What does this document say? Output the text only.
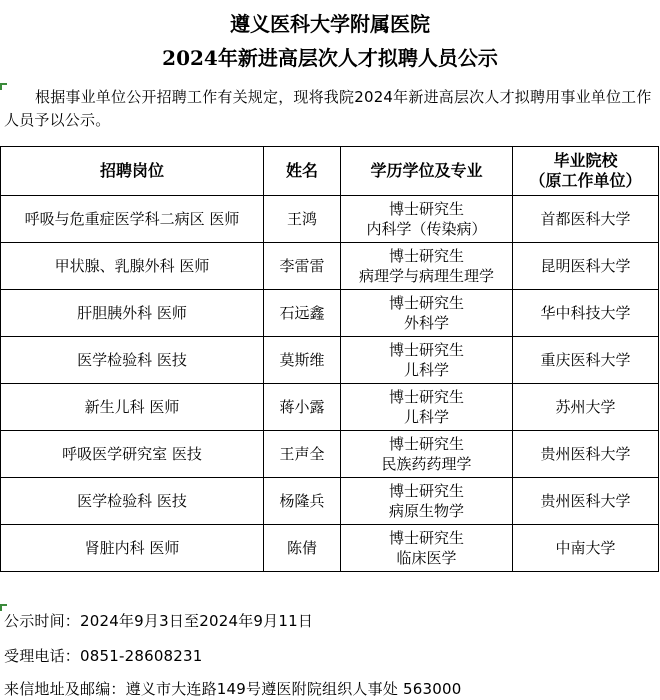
遵义医科大学附属医院
2024年新进高层次人才拟聘人员公示
根据事业单位公开招聘工作有关规定，现将我院2024年新进高层次人才拟聘用事业单位工作人员予以公示。
招聘岗位	姓名	学历学位及专业	毕业院校
（原工作单位）

呼吸与危重症医学科二病区 医师	王鸿	博士研究生
内科学（传染病）	首都医科大学
甲状腺、乳腺外科 医师	李雷雷	博士研究生
病理学与病理生理学	昆明医科大学
肝胆胰外科 医师	石远鑫	博士研究生
外科学	华中科技大学
医学检验科 医技	莫斯维	博士研究生
儿科学	重庆医科大学
新生儿科 医师	蒋小露	博士研究生
儿科学	苏州大学
呼吸医学研究室 医技	王声全	博士研究生
民族药药理学	贵州医科大学
医学检验科 医技	杨隆兵	博士研究生
病原生物学	贵州医科大学
肾脏内科 医师	陈倩	博士研究生
临床医学	中南大学
公示时间：2024年9月3日至2024年9月11日
受理电话：0851-28608231
来信地址及邮编：遵义市大连路149号遵医附院组织人事处 563000
